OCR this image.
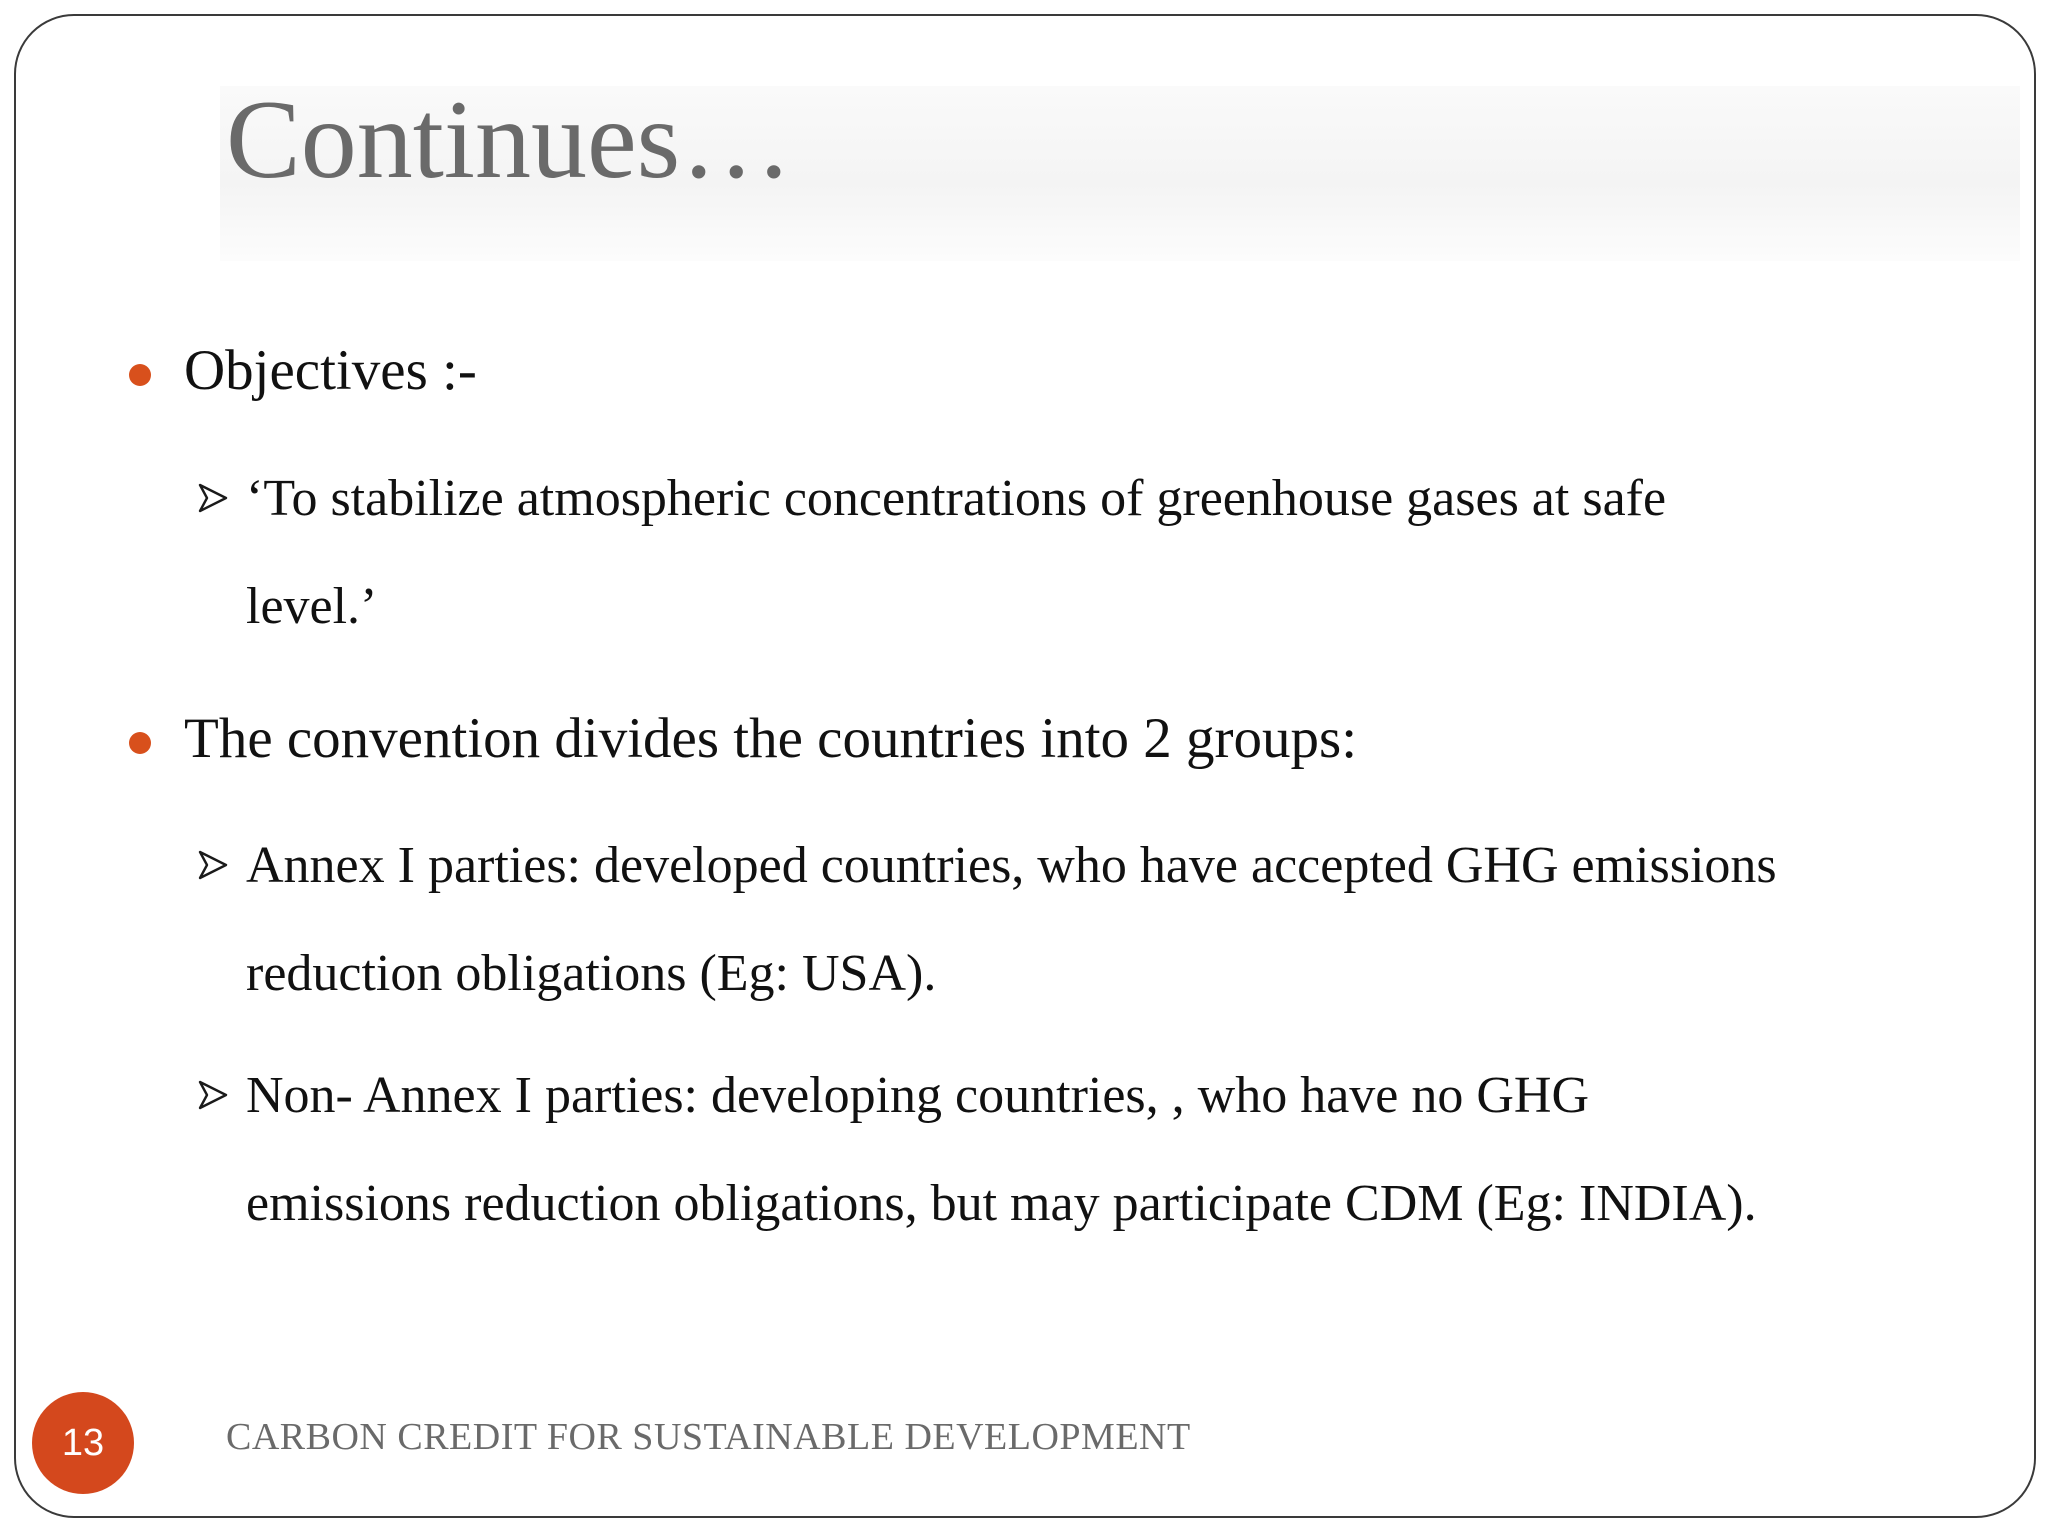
Continues…
Objectives :-
‘To stabilize atmospheric concentrations of greenhouse gases at safe
level.’
The convention divides the countries into 2 groups:
Annex I parties: developed countries, who have accepted GHG emissions
reduction obligations (Eg: USA).
Non- Annex I parties: developing countries, , who have no GHG
emissions reduction obligations, but may participate CDM (Eg: INDIA).
13	CARBON CREDIT FOR SUSTAINABLE DEVELOPMENT
